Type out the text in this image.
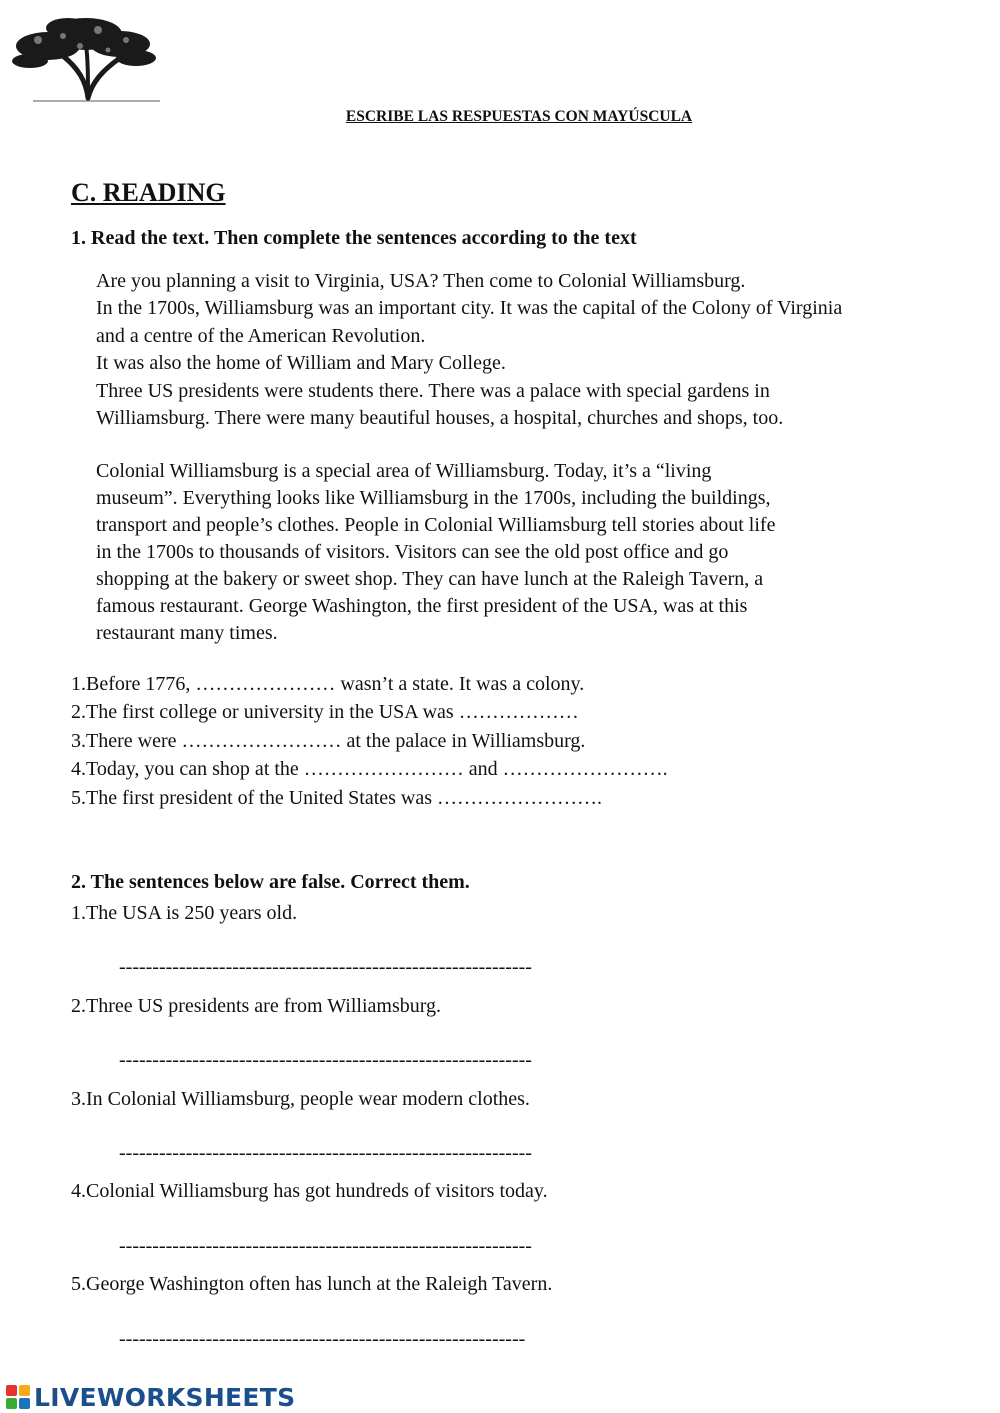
ESCRIBE LAS RESPUESTAS CON MAYÚSCULA
C. READING
1. Read the text. Then complete the sentences according to the text
Are you planning a visit to Virginia, USA? Then come to Colonial Williamsburg.
In the 1700s, Williamsburg was an important city. It was the capital of the Colony of Virginia
and a centre of the American Revolution.
It was also the home of William and Mary College.
Three US presidents were students there. There was a palace with special gardens in
Williamsburg. There were many beautiful houses, a hospital, churches and shops, too.
Colonial Williamsburg is a special area of Williamsburg. Today, it’s a “living
museum”. Everything looks like Williamsburg in the 1700s, including the buildings,
transport and people’s clothes. People in Colonial Williamsburg tell stories about life
in the 1700s to thousands of visitors. Visitors can see the old post office and go
shopping at the bakery or sweet shop. They can have lunch at the Raleigh Tavern, a
famous restaurant. George Washington, the first president of the USA, was at this
restaurant many times.
1.Before 1776, ………………… wasn’t a state. It was a colony.
2.The first college or university in the USA was ………………
3.There were …………………… at the palace in Williamsburg.
4.Today, you can shop at the …………………… and …………………….
5.The first president of the United States was …………………….
2. The sentences below are false. Correct them.
1.The USA is 250 years old.
--------------------------------------------------------------
2.Three US presidents are from Williamsburg.
--------------------------------------------------------------
3.In Colonial Williamsburg, people wear modern clothes.
--------------------------------------------------------------
4.Colonial Williamsburg has got hundreds of visitors today.
--------------------------------------------------------------
5.George Washington often has lunch at the Raleigh Tavern.
-------------------------------------------------------------
LIVEWORKSHEETS
